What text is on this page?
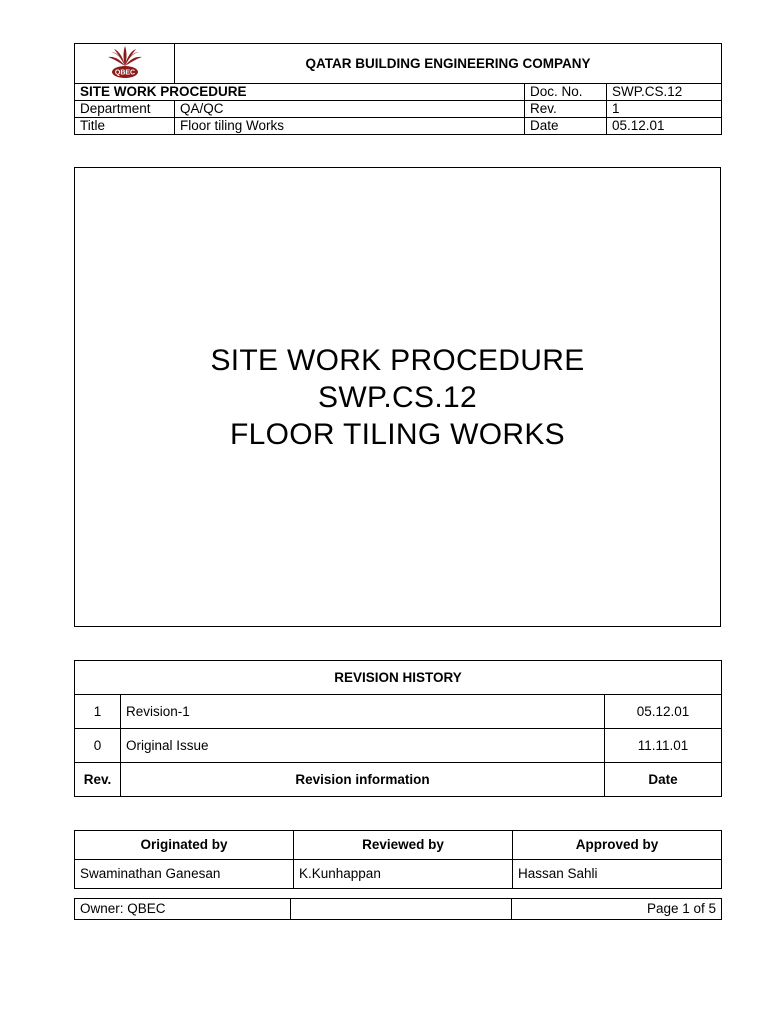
QBEC	QATAR BUILDING ENGINEERING COMPANY		
SITE WORK PROCEDURE		Doc. No.	SWP.CS.12
Department	QA/QC	Rev.	1
Title	Floor tiling Works	Date	05.12.01
SITE WORK PROCEDURE
SWP.CS.12
FLOOR TILING WORKS
REVISION HISTORY		
1	Revision-1	05.12.01
0	Original Issue	11.11.01
Rev.	Revision information	Date
Originated by	Reviewed by	Approved by
Swaminathan Ganesan	K.Kunhappan	Hassan Sahli
Owner: QBEC		Page 1 of 5
